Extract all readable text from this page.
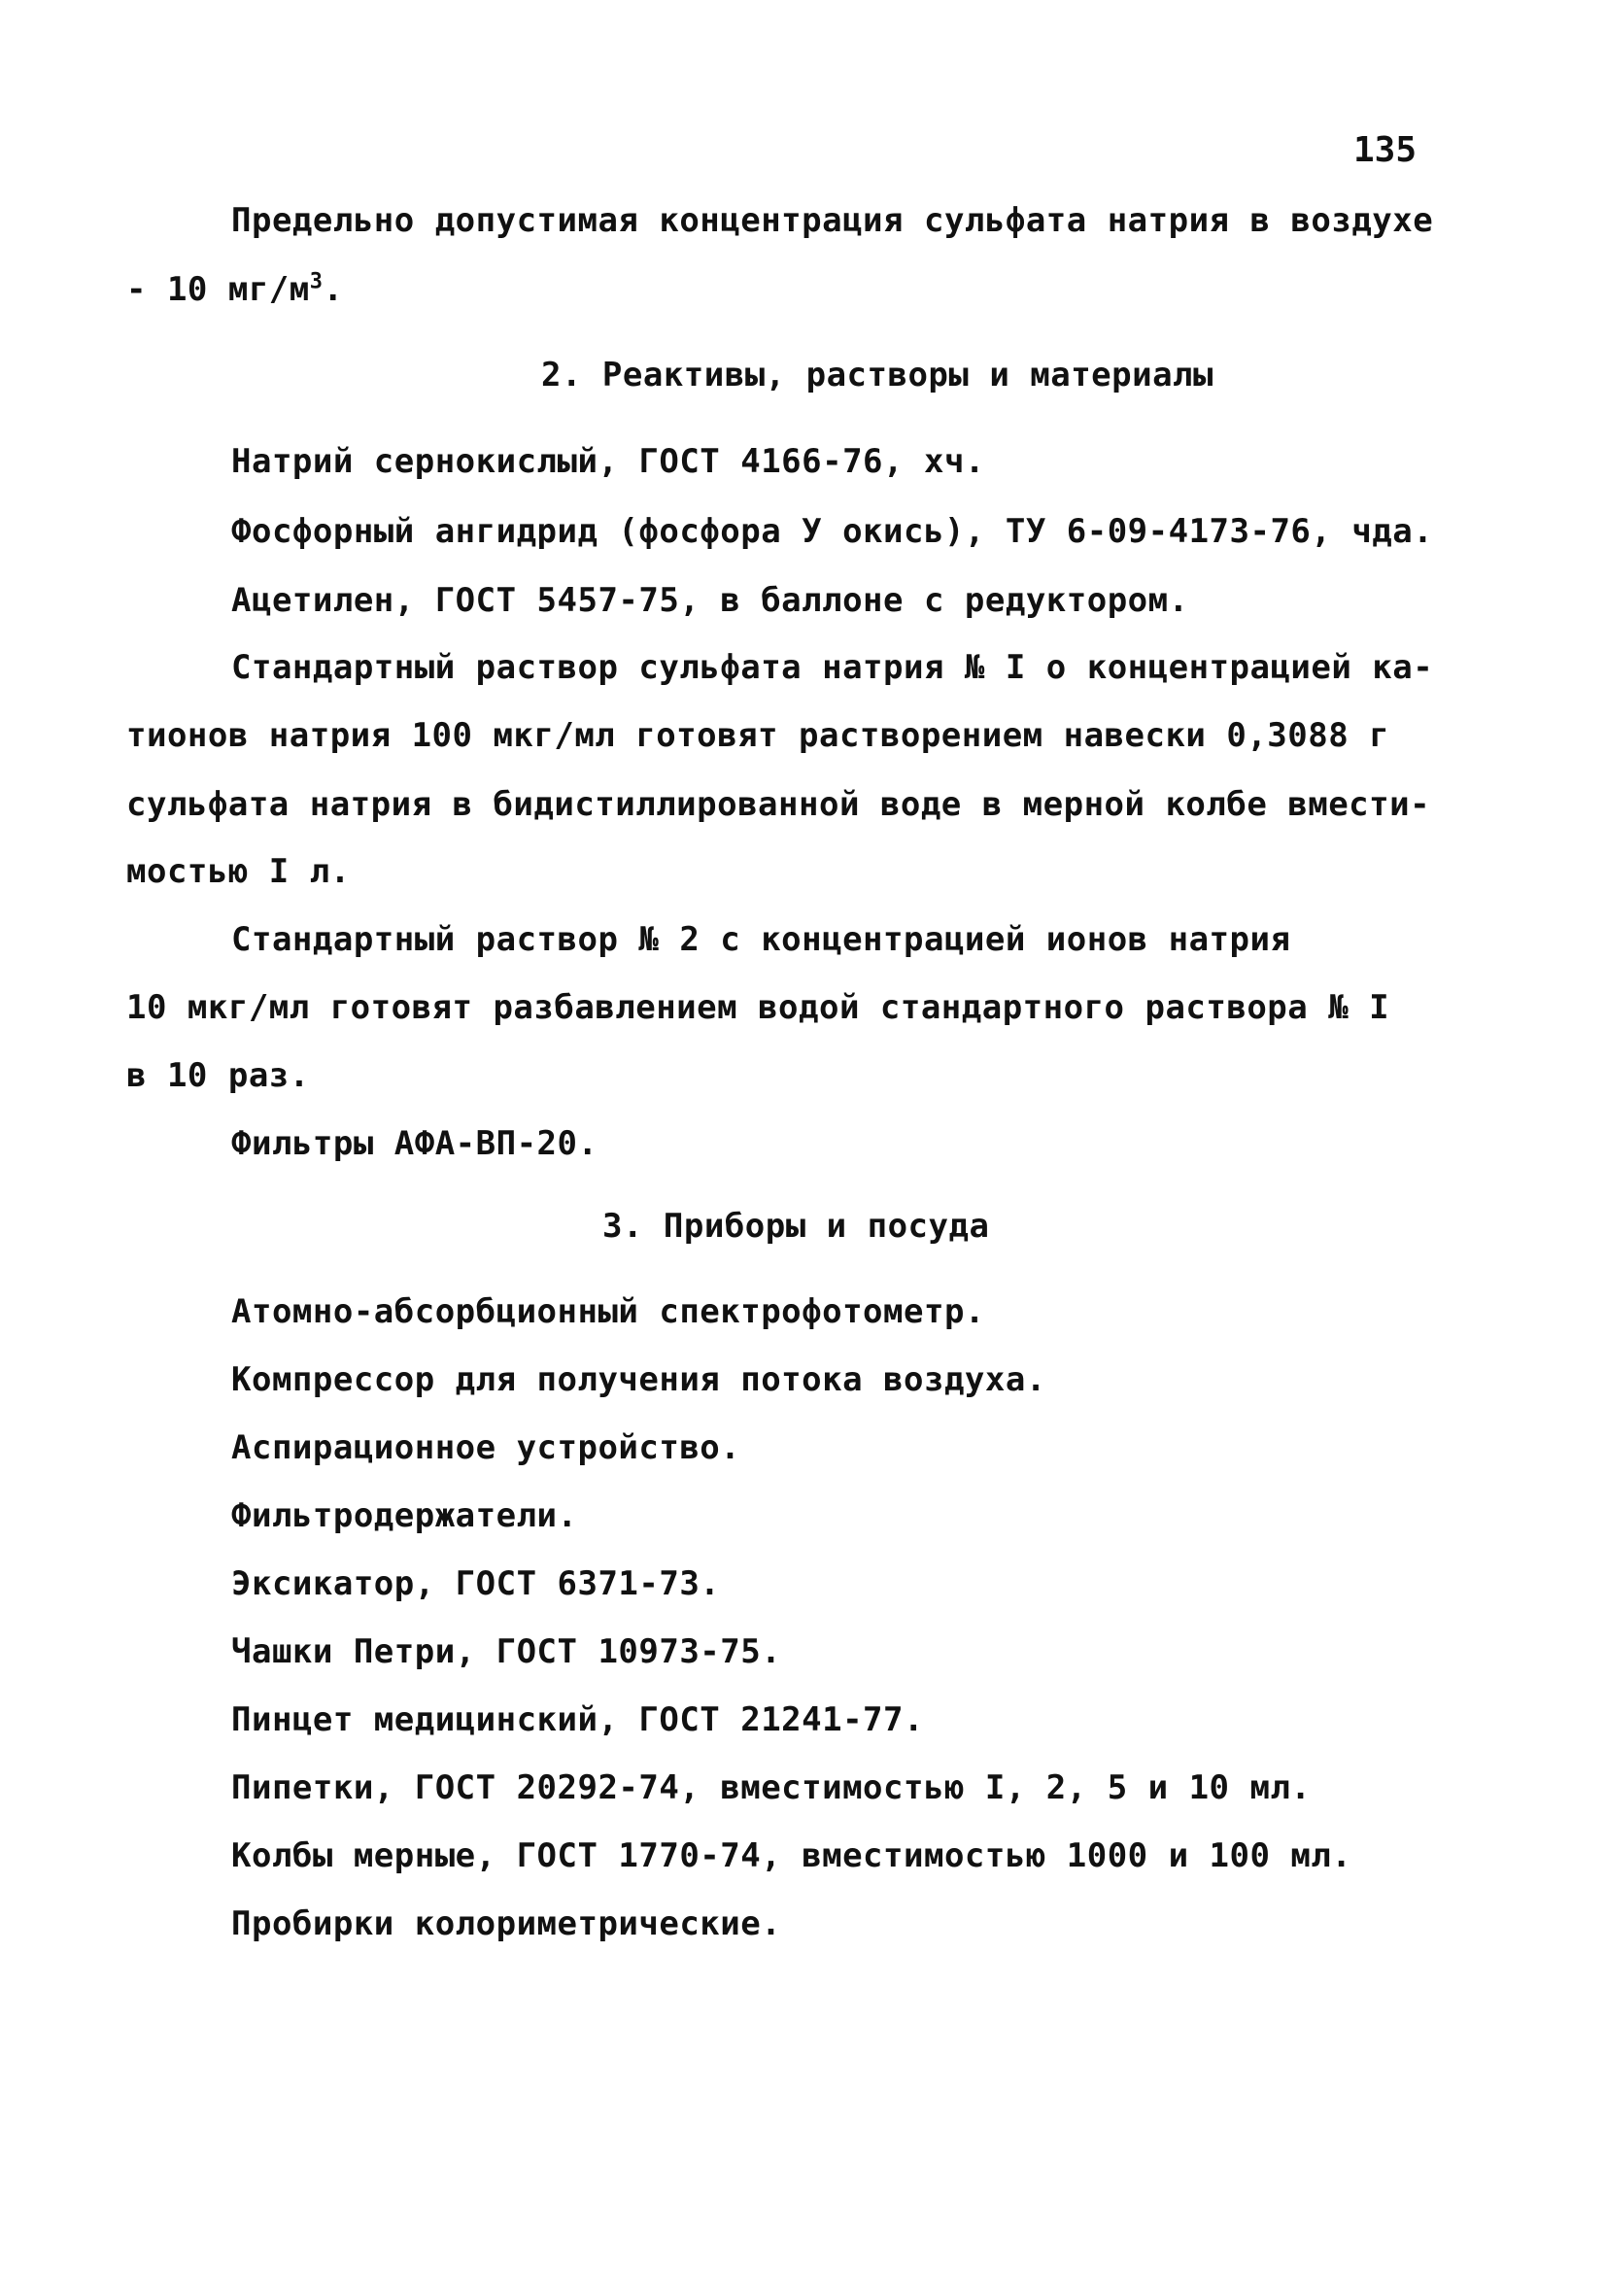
135
Предельно допустимая концентрация сульфата натрия в воздухе
- 10 $мг/м^3$.
2. Реактивы, растворы и материалы
Натрий сернокислый, ГОСТ 4166-76, хч.
Фосфорный ангидрид (фосфора У окись), ТУ 6-09-4173-76, чда.
Ацетилен, ГОСТ 5457-75, в баллоне с редуктором.
Стандартный раствор сульфата натрия № I о концентрацией ка-
тионов натрия 100 мкг/мл готовят растворением навески 0,3088 г
сульфата натрия в бидистиллированной воде в мерной колбе вмести-
мостью I л.
Стандартный раствор № 2 с концентрацией ионов натрия
10 мкг/мл готовят разбавлением водой стандартного раствора № I
в 10 раз.
Фильтры АФА-ВП-20.
3. Приборы и посуда
Атомно-абсорбционный спектрофотометр.
Компрессор для получения потока воздуха.
Аспирационное устройство.
Фильтродержатели.
Эксикатор, ГОСТ 6371-73.
Чашки Петри, ГОСТ 10973-75.
Пинцет медицинский, ГОСТ 21241-77.
Пипетки, ГОСТ 20292-74, вместимостью I, 2, 5 и 10 мл.
Колбы мерные, ГОСТ 1770-74, вместимостью 1000 и 100 мл.
Пробирки колориметрические.
